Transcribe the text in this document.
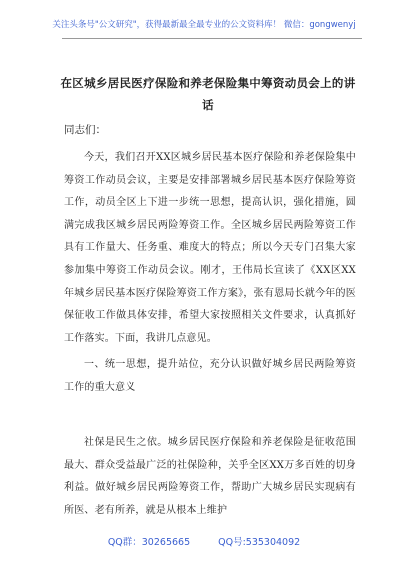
关注头条号"公文研究"，获得最新最全最专业的公文资料库！ 微信：gongwenyj
在区城乡居民医疗保险和养老保险集中筹资动员会上的讲话
同志们：
今天，我们召开XX区城乡居民基本医疗保险和养老保险集中筹资工作动员会议，主要是安排部署城乡居民基本医疗保险筹资工作，动员全区上下进一步统一思想，提高认识，强化措施，圆满完成我区城乡居民两险筹资工作。全区城乡居民两险筹资工作具有工作量大、任务重、难度大的特点；所以今天专门召集大家参加集中筹资工作动员会议。刚才，王伟局长宣读了《XX区XX年城乡居民基本医疗保险筹资工作方案》，张有恩局长就今年的医保征收工作做具体安排，希望大家按照相关文件要求，认真抓好工作落实。下面，我讲几点意见。
一、统一思想，提升站位，充分认识做好城乡居民两险筹资工作的重大意义
社保是民生之依。城乡居民医疗保险和养老保险是征收范围最大、群众受益最广泛的社保险种，关乎全区XX万多百姓的切身利益。做好城乡居民两险筹资工作，帮助广大城乡居民实现病有所医、老有所养，就是从根本上维护
QQ群：30265665	QQ号:535304092
